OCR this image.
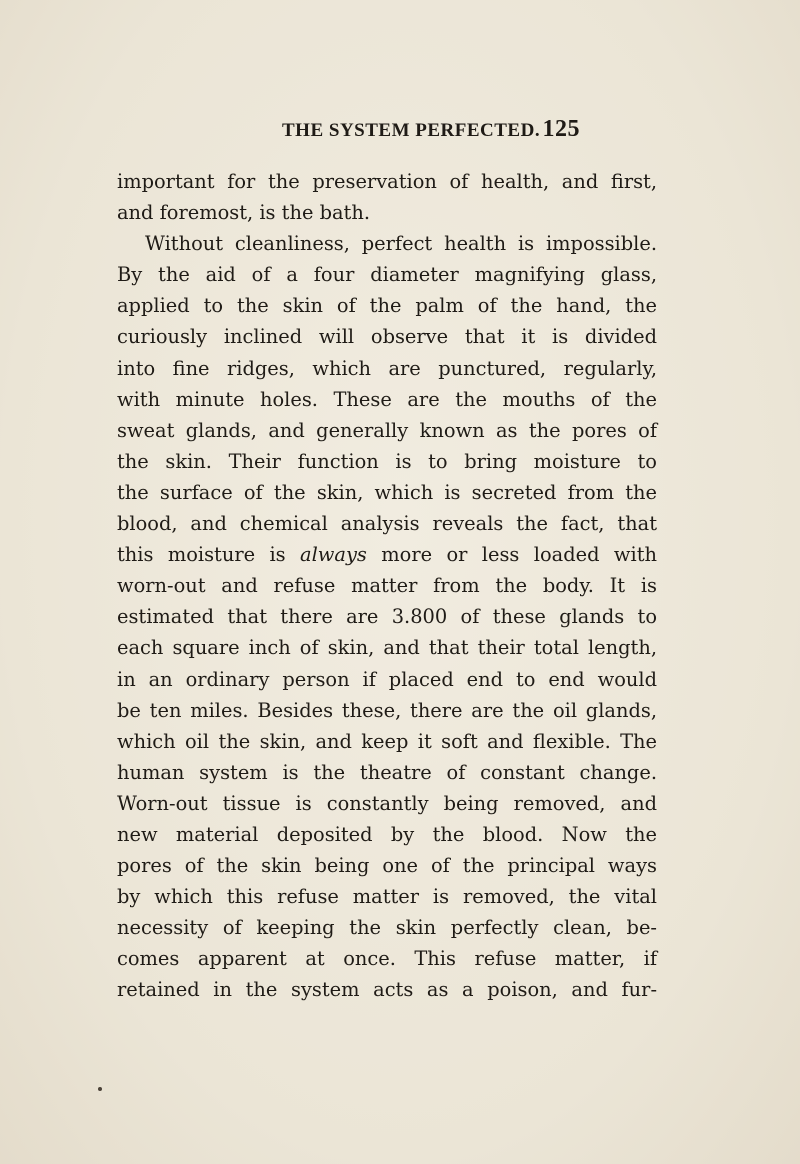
THE SYSTEM PERFECTED. 125
important for the preservation of health, and first,
and foremost, is the bath.
Without cleanliness, perfect health is impossible.
By the aid of a four diameter magnifying glass,
applied to the skin of the palm of the hand, the
curiously inclined will observe that it is divided
into fine ridges, which are punctured, regularly,
with minute holes. These are the mouths of the
sweat glands, and generally known as the pores of
the skin. Their function is to bring moisture to
the surface of the skin, which is secreted from the
blood, and chemical analysis reveals the fact, that
this moisture is always more or less loaded with
worn-out and refuse matter from the body. It is
estimated that there are 3.800 of these glands to
each square inch of skin, and that their total length,
in an ordinary person if placed end to end would
be ten miles. Besides these, there are the oil glands,
which oil the skin, and keep it soft and flexible. The
human system is the theatre of constant change.
Worn-out tissue is constantly being removed, and
new material deposited by the blood. Now the
pores of the skin being one of the principal ways
by which this refuse matter is removed, the vital
necessity of keeping the skin perfectly clean, be-
comes apparent at once. This refuse matter, if
retained in the system acts as a poison, and fur-
